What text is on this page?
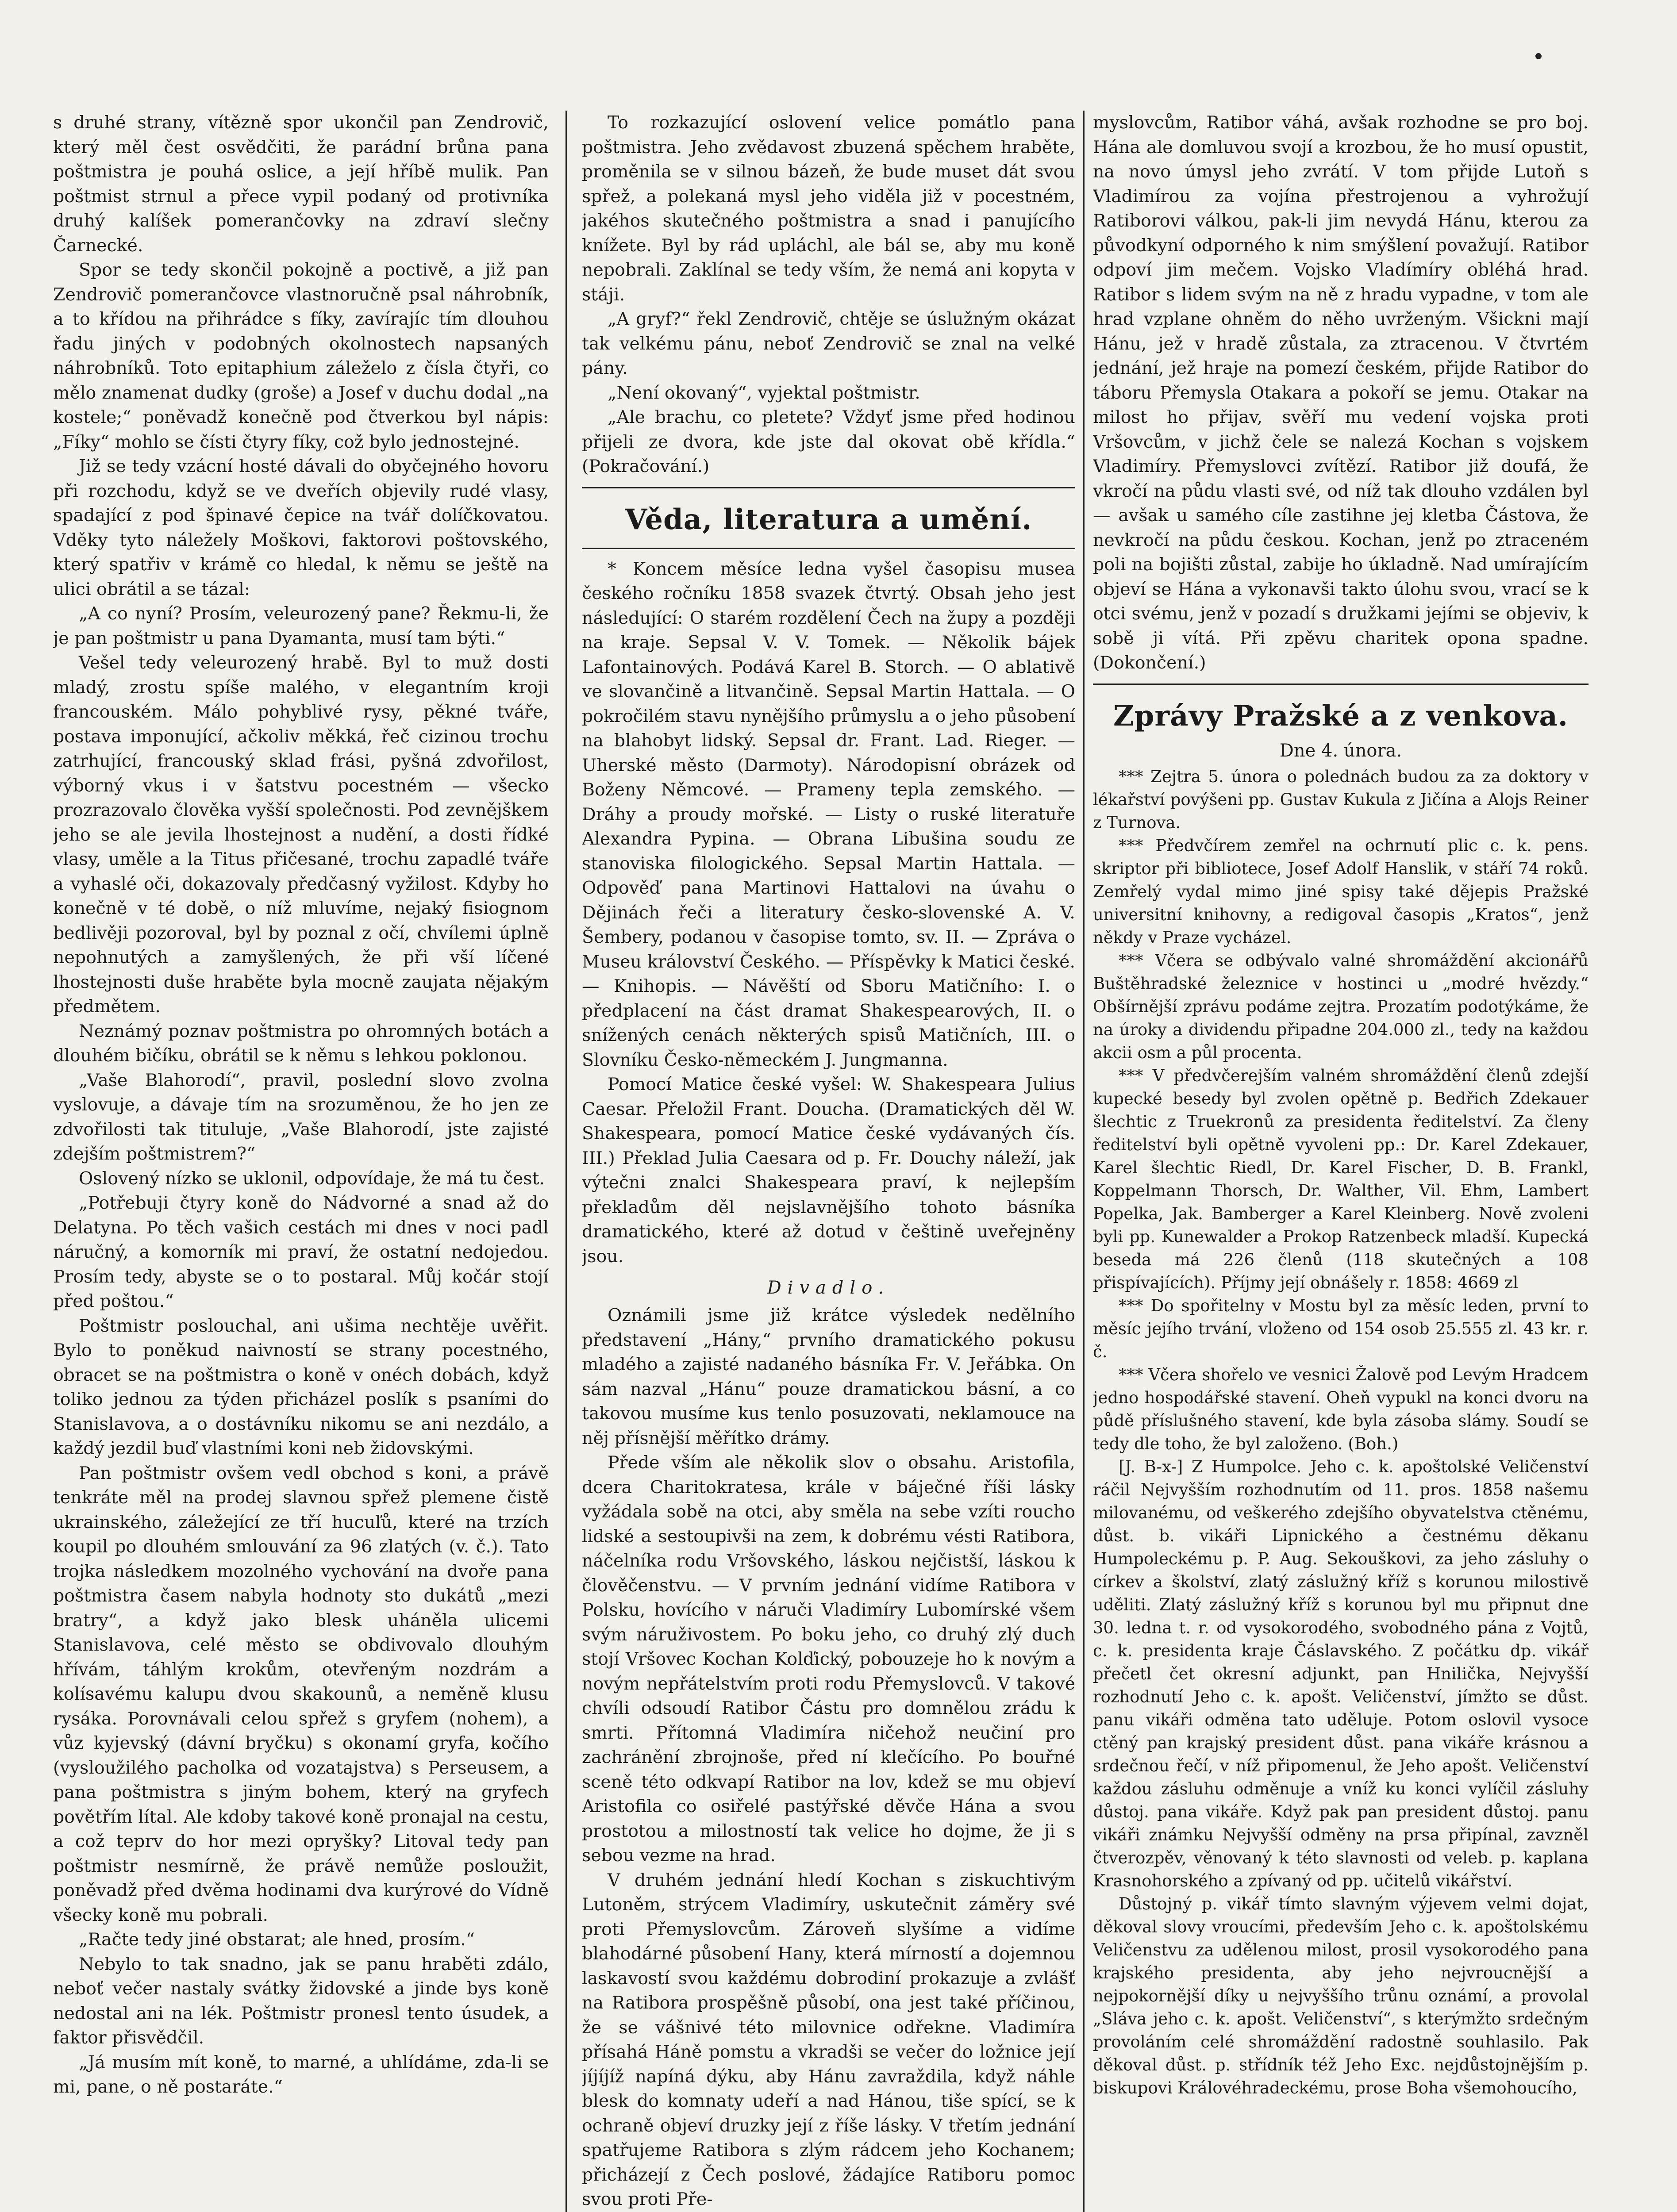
s druhé strany, vítězně spor ukončil pan Zendrovič, který měl čest osvědčiti, že parádní brůna pana poštmistra je pouhá oslice, a její hříbě mulik. Pan poštmist strnul a přece vypil podaný od protivníka druhý kalíšek pomerančovky na zdraví slečny Čarnecké.

Spor se tedy skončil pokojně a poctivě, a již pan Zendrovič pomerančovce vlastnoručně psal náhrobník, a to křídou na přihrádce s fíky, zavírajíc tím dlouhou řadu jiných v podobných okolnostech napsaných náhrobníků. Toto epitaphium záleželo z čísla čtyři, co mělo znamenat dudky (groše) a Josef v duchu dodal „na kostele;“ poněvadž konečně pod čtverkou byl nápis: „Fíky“ mohlo se čísti čtyry fíky, což bylo jednostejné.

Již se tedy vzácní hosté dávali do obyčejného hovoru při rozchodu, když se ve dveřích objevily rudé vlasy, spadající z pod špinavé čepice na tvář dolíčkovatou. Vděky tyto náležely Moškovi, faktorovi poštovského, který spatřiv v krámě co hledal, k němu se ještě na ulici obrátil a se tázal:

„A co nyní? Prosím, veleurozený pane? Řekmu-li, že je pan poštmistr u pana Dyamanta, musí tam býti.“

Vešel tedy veleurozený hrabě. Byl to muž dosti mladý, zrostu spíše malého, v elegantním kroji francouském. Málo pohyblivé rysy, pěkné tváře, postava imponující, ačkoliv měkká, řeč cizinou trochu zatrhující, francouský sklad frási, pyšná zdvořilost, výborný vkus i v šatstvu pocestném — všecko prozrazovalo člověka vyšší společnosti. Pod zevnějškem jeho se ale jevila lhostejnost a nudění, a dosti řídké vlasy, uměle a la Titus přičesané, trochu zapadlé tváře a vyhaslé oči, dokazovaly předčasný vyžilost. Kdyby ho konečně v té době, o níž mluvíme, nejaký fisiognom bedlivěji pozoroval, byl by poznal z očí, chvílemi úplně nepohnutých a zamyšlených, že při vší líčené lhostejnosti duše hraběte byla mocně zaujata nějakým předmětem.

Neznámý poznav poštmistra po ohromných botách a dlouhém bičíku, obrátil se k němu s lehkou poklonou.

„Vaše Blahorodí“, pravil, poslední slovo zvolna vyslovuje, a dávaje tím na srozuměnou, že ho jen ze zdvořilosti tak tituluje, „Vaše Blahorodí, jste zajisté zdejším poštmistrem?“

Oslovený nízko se uklonil, odpovídaje, že má tu čest.

„Potřebuji čtyry koně do Nádvorné a snad až do Delatyna. Po těch vašich cestách mi dnes v noci padl náručný, a komorník mi praví, že ostatní nedojedou. Prosím tedy, abyste se o to postaral. Můj kočár stojí před poštou.“

Poštmistr poslouchal, ani ušima nechtěje uvěřit. Bylo to poněkud naivností se strany pocestného, obracet se na poštmistra o koně v onéch dobách, když toliko jednou za týden přicházel poslík s psaními do Stanislavova, a o dostávníku nikomu se ani nezdálo, a každý jezdil buď vlastními koni neb židovskými.

Pan poštmistr ovšem vedl obchod s koni, a právě tenkráte měl na prodej slavnou spřež plemene čistě ukrainského, záležející ze tří hucuľů, které na trzích koupil po dlouhém smlouvání za 96 zlatých (v. č.). Tato trojka následkem mozolného vychování na dvoře pana poštmistra časem nabyla hodnoty sto dukátů „mezi bratry“, a když jako blesk uháněla ulicemi Stanislavova, celé město se obdivovalo dlouhým hřívám, táhlým krokům, otevřeným nozdrám a kolísavému kalupu dvou skakounů, a neměně klusu rysáka. Porovnávali celou spřež s gryfem (nohem), a vůz kyjevský (dávní bryčku) s okonamí gryfa, kočího (vysloužilého pacholka od vozatajstva) s Perseusem, a pana poštmistra s jiným bohem, který na gryfech povětřím lítal. Ale kdoby takové koně pronajal na cestu, a což teprv do hor mezi opryšky? Litoval tedy pan poštmistr nesmírně, že právě nemůže posloužit, poněvadž před dvěma hodinami dva kurýrové do Vídně všecky koně mu pobrali.

„Račte tedy jiné obstarat; ale hned, prosím.“

Nebylo to tak snadno, jak se panu hraběti zdálo, neboť večer nastaly svátky židovské a jinde bys koně nedostal ani na lék. Poštmistr pronesl tento úsudek, a faktor přisvědčil.

„Já musím mít koně, to marné, a uhlídáme, zda-li se mi, pane, o ně postaráte.“

To rozkazující oslovení velice pomátlo pana poštmistra. Jeho zvědavost zbuzená spěchem hraběte, proměnila se v silnou bázeň, že bude muset dát svou spřež, a polekaná mysl jeho viděla již v pocestném, jakéhos skutečného poštmistra a snad i panujícího knížete. Byl by rád upláchl, ale bál se, aby mu koně nepobrali. Zaklínal se tedy vším, že nemá ani kopyta v stáji.

„A gryf?“ řekl Zendrovič, chtěje se úslužným okázat tak velkému pánu, neboť Zendrovič se znal na velké pány.

„Není okovaný“, vyjektal poštmistr.

„Ale brachu, co pletete? Vždyť jsme před hodinou přijeli ze dvora, kde jste dal okovat obě křídla.“ (Pokračování.)

Věda, literatura a umění.

* Koncem měsíce ledna vyšel časopisu musea českého ročníku 1858 svazek čtvrtý. Obsah jeho jest následující: O starém rozdělení Čech na župy a později na kraje. Sepsal V. V. Tomek. — Několik bájek Lafontainových. Podává Karel B. Storch. — O ablativě ve slovančině a litvančině. Sepsal Martin Hattala. — O pokročilém stavu nynějšího průmyslu a o jeho působení na blahobyt lidský. Sepsal dr. Frant. Lad. Rieger. — Uherské město (Darmoty). Národopisní obrázek od Boženy Němcové. — Prameny tepla zemského. — Dráhy a proudy mořské. — Listy o ruské literatuře Alexandra Pypina. — Obrana Libušina soudu ze stanoviska filologického. Sepsal Martin Hattala. — Odpověď pana Martinovi Hattalovi na úvahu o Dějinách řeči a literatury česko-slovenské A. V. Šembery, podanou v časopise tomto, sv. II. — Zpráva o Museu království Českého. — Příspěvky k Matici české. — Knihopis. — Návěští od Sboru Matičního: I. o předplacení na část dramat Shakespearových, II. o snížených cenách některých spisů Matičních, III. o Slovníku Česko-německém J. Jungmanna.

Pomocí Matice české vyšel: W. Shakespeara Julius Caesar. Přeložil Frant. Doucha. (Dramatických děl W. Shakespeara, pomocí Matice české vydávaných čís. III.) Překlad Julia Caesara od p. Fr. Douchy náleží, jak výtečni znalci Shakespeara praví, k nejlepším překladům děl nejslavnějšího tohoto básníka dramatického, které až dotud v češtině uveřejněny jsou.

Divadlo.

Oznámili jsme již krátce výsledek nedělního představení „Hány,“ prvního dramatického pokusu mladého a zajisté nadaného básníka Fr. V. Jeřábka. On sám nazval „Hánu“ pouze dramatickou básní, a co takovou musíme kus tenlo posuzovati, neklamouce na něj přísnější měřítko drámy.

Přede vším ale několik slov o obsahu. Aristofila, dcera Charitokratesa, krále v báječné říši lásky vyžádala sobě na otci, aby směla na sebe vzíti roucho lidské a sestoupivši na zem, k dobrému vésti Ratibora, náčelníka rodu Vršovského, láskou nejčistší, láskou k člověčenstvu. — V prvním jednání vidíme Ratibora v Polsku, hovícího v náruči Vladimíry Lubomírské všem svým náruživostem. Po boku jeho, co druhý zlý duch stojí Vršovec Kochan Kolďický, pobouzeje ho k novým a novým nepřátelstvím proti rodu Přemyslovců. V takové chvíli odsoudí Ratibor Částu pro domnělou zrádu k smrti. Přítomná Vladimíra ničehož neučiní pro zachránění zbrojnoše, před ní klečícího. Po bouřné sceně této odkvapí Ratibor na lov, kdež se mu objeví Aristofila co osiřelé pastýřské děvče Hána a svou prostotou a milostností tak velice ho dojme, že ji s sebou vezme na hrad.

V druhém jednání hledí Kochan s ziskuchtivým Lutoněm, strýcem Vladimíry, uskutečnit záměry své proti Přemyslovcům. Zároveň slyšíme a vidíme blahodárné působení Hany, která mírností a dojemnou laskavostí svou každému dobrodiní prokazuje a zvlášť na Ratibora prospěšně působí, ona jest také příčinou, že se vášnivé této milovnice odřekne. Vladimíra přísahá Háně pomstu a vkradši se večer do ložnice její jíjíjíž napíná dýku, aby Hánu zavraždila, když náhle blesk do komnaty udeří a nad Hánou, tiše spící, se k ochraně objeví druzky její z říše lásky. V třetím jednání spatřujeme Ratibora s zlým rádcem jeho Kochanem; přicházejí z Čech poslové, žádajíce Ratiboru pomoc svou proti Pře-

myslovcům, Ratibor váhá, avšak rozhodne se pro boj. Hána ale domluvou svojí a krozbou, že ho musí opustit, na novo úmysl jeho zvrátí. V tom přijde Lutoň s Vladimírou za vojína přestrojenou a vyhrožují Ratiborovi válkou, pak-li jim nevydá Hánu, kterou za původkyní odporného k nim smýšlení považují. Ratibor odpoví jim mečem. Vojsko Vladímíry obléhá hrad. Ratibor s lidem svým na ně z hradu vypadne, v tom ale hrad vzplane ohněm do něho uvrženým. Všickni mají Hánu, jež v hradě zůstala, za ztracenou. V čtvrtém jednání, jež hraje na pomezí českém, přijde Ratibor do táboru Přemysla Otakara a pokoří se jemu. Otakar na milost ho přijav, svěří mu vedení vojska proti Vršovcům, v jichž čele se nalezá Kochan s vojskem Vladimíry. Přemyslovci zvítězí. Ratibor již doufá, že vkročí na půdu vlasti své, od níž tak dlouho vzdálen byl — avšak u samého cíle zastihne jej kletba Částova, že nevkročí na půdu českou. Kochan, jenž po ztraceném poli na bojišti zůstal, zabije ho úkladně. Nad umírajícím objeví se Hána a vykonavši takto úlohu svou, vrací se k otci svému, jenž v pozadí s družkami jejími se objeviv, k sobě ji vítá. Při zpěvu charitek opona spadne. (Dokončení.)

Zprávy Pražské a z venkova.
Dne 4. února.

*** Zejtra 5. února o polednách budou za za doktory v lékařství povýšeni pp. Gustav Kukula z Jičína a Alojs Reiner z Turnova.

*** Předvčírem zemřel na ochrnutí plic c. k. pens. skriptor při bibliotece, Josef Adolf Hanslik, v stáří 74 roků. Zemřelý vydal mimo jiné spisy také dějepis Pražské universitní knihovny, a redigoval časopis „Kratos“, jenž někdy v Praze vycházel.

*** Včera se odbývalo valné shromáždění akcionářů Buštěhradské železnice v hostinci u „modré hvězdy.“ Obšírnější zprávu podáme zejtra. Prozatím podotýkáme, že na úroky a dividendu připadne 204.000 zl., tedy na každou akcii osm a půl procenta.

*** V předvčerejším valném shromáždění členů zdejší kupecké besedy byl zvolen opětně p. Bedřich Zdekauer šlechtic z Truekronů za presidenta ředitelství. Za členy ředitelství byli opětně vyvoleni pp.: Dr. Karel Zdekauer, Karel šlechtic Riedl, Dr. Karel Fischer, D. B. Frankl, Koppelmann Thorsch, Dr. Walther, Vil. Ehm, Lambert Popelka, Jak. Bamberger a Karel Kleinberg. Nově zvoleni byli pp. Kunewalder a Prokop Ratzenbeck mladší. Kupecká beseda má 226 členů (118 skutečných a 108 přispívajících). Příjmy její obnášely r. 1858: 4669 zl

*** Do spořitelny v Mostu byl za měsíc leden, první to měsíc jejího trvání, vloženo od 154 osob 25.555 zl. 43 kr. r. č.

*** Včera shořelo ve vesnici Žalově pod Levým Hradcem jedno hospodářské stavení. Oheň vypukl na konci dvoru na půdě příslušného stavení, kde byla zásoba slámy. Soudí se tedy dle toho, že byl založeno. (Boh.)

[J. B-x-] Z Humpolce. Jeho c. k. apoštolské Veličenství ráčil Nejvyšším rozhodnutím od 11. pros. 1858 našemu milovanému, od veškerého zdejšího obyvatelstva ctěnému, důst. b. vikáři Lipnického a čestnému děkanu Humpoleckému p. P. Aug. Sekouškovi, za jeho zásluhy o církev a školství, zlatý záslužný kříž s korunou milostivě uděliti. Zlatý záslužný kříž s korunou byl mu připnut dne 30. ledna t. r. od vysokorodého, svobodného pána z Vojtů, c. k. presidenta kraje Čáslavského. Z počátku dp. vikář přečetl čet okresní adjunkt, pan Hnilička, Nejvyšší rozhodnutí Jeho c. k. apošt. Veličenství, jímžto se důst. panu vikáři odměna tato uděluje. Potom oslovil vysoce ctěný pan krajský president důst. pana vikáře krásnou a srdečnou řečí, v níž připomenul, že Jeho apošt. Veličenství každou zásluhu odměnuje a vníž ku konci vylíčil zásluhy důstoj. pana vikáře. Když pak pan president důstoj. panu vikáři známku Nejvyšší odměny na prsa připínal, zavzněl čtverozpěv, věnovaný k této slavnosti od veleb. p. kaplana Krasnohorského a zpívaný od pp. učitelů vikářství.

Důstojný p. vikář tímto slavným výjevem velmi dojat, děkoval slovy vroucími, především Jeho c. k. apoštolskému Veličenstvu za udělenou milost, prosil vysokorodého pana krajského presidenta, aby jeho nejvroucnější a nejpokornější díky u nejvyššího trůnu oznámí, a provolal „Sláva jeho c. k. apošt. Veličenství“, s kterýmžto srdečným provoláním celé shromáždění radostně souhlasilo. Pak děkoval důst. p. střídník též Jeho Exc. nejdůstojnějším p. biskupovi Královéhradeckému, prose Boha všemohoucího,
